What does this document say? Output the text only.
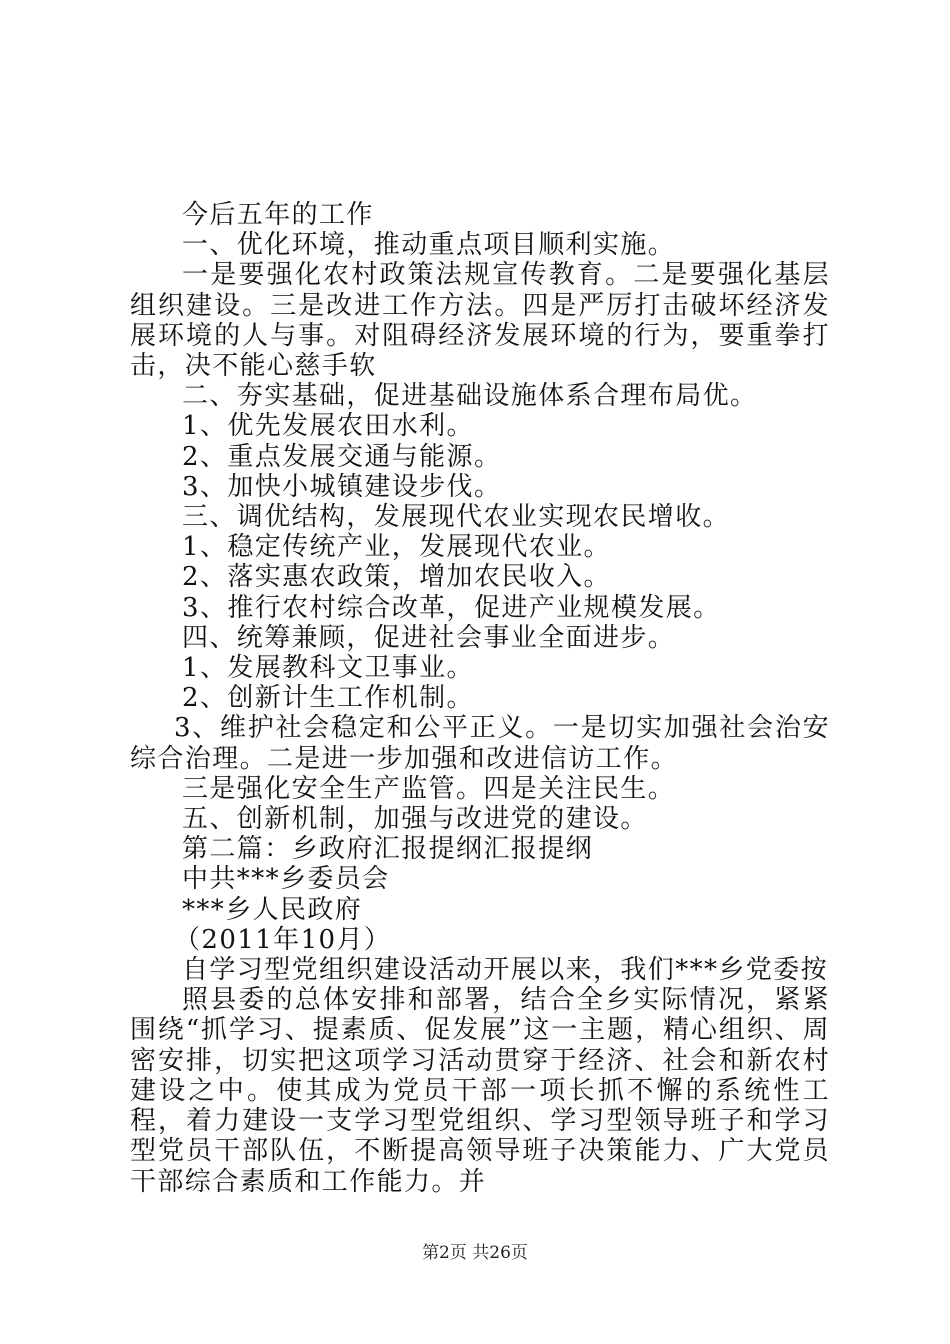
今后五年的工作

一、优化环境，推动重点项目顺利实施。

一是要强化农村政策法规宣传教育。二是要强化基层组织建设。三是改进工作方法。四是严厉打击破坏经济发展环境的人与事。对阻碍经济发展环境的行为，要重拳打击，决不能心慈手软

二、夯实基础，促进基础设施体系合理布局优。

1、优先发展农田水利。

2、重点发展交通与能源。

3、加快小城镇建设步伐。

三、调优结构，发展现代农业实现农民增收。

1、稳定传统产业，发展现代农业。

2、落实惠农政策，增加农民收入。

3、推行农村综合改革，促进产业规模发展。

四、统筹兼顾，促进社会事业全面进步。

1、发展教科文卫事业。

2、创新计生工作机制。

3、维护社会稳定和公平正义。一是切实加强社会治安综合治理。二是进一步加强和改进信访工作。

三是强化安全生产监管。四是关注民生。

五、创新机制，加强与改进党的建设。

第二篇：乡政府汇报提纲汇报提纲

中共***乡委员会

***乡人民政府

（2011年10月）

自学习型党组织建设活动开展以来，我们***乡党委按

照县委的总体安排和部署，结合全乡实际情况，紧紧围绕“抓学习、提素质、促发展”这一主题，精心组织、周密安排，切实把这项学习活动贯穿于经济、社会和新农村建设之中。使其成为党员干部一项长抓不懈的系统性工程，着力建设一支学习型党组织、学习型领导班子和学习型党员干部队伍，不断提高领导班子决策能力、广大党员干部综合素质和工作能力。并

第2页 共26页
